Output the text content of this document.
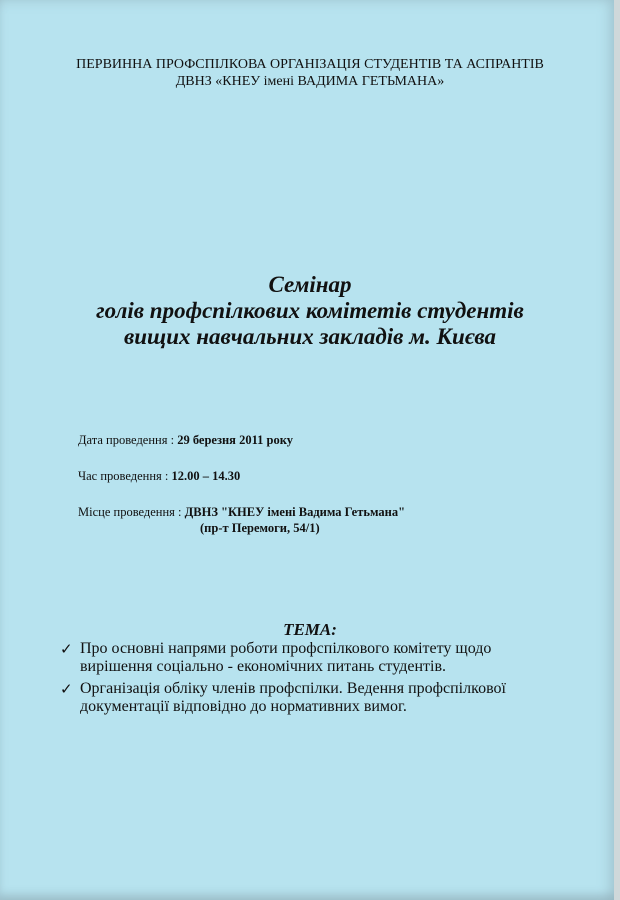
ПЕРВИННА ПРОФСПІЛКОВА ОРГАНІЗАЦІЯ СТУДЕНТІВ ТА АСПРАНТІВ
ДВНЗ «КНЕУ імені ВАДИМА ГЕТЬМАНА»
Семінар
голів профспілкових комітетів студентів
вищих навчальних закладів м. Києва
Дата проведення : 29 березня 2011 року
Час проведення : 12.00 – 14.30
Місце проведення : ДВНЗ "КНЕУ імені Вадима Гетьмана"
(пр-т Перемоги, 54/1)
ТЕМА:
✓ Про основні напрями роботи профспілкового комітету щодо
вирішення соціально - економічних питань студентів.
✓ Організація обліку членів профспілки. Ведення профспілкової
документації відповідно до нормативних вимог.
